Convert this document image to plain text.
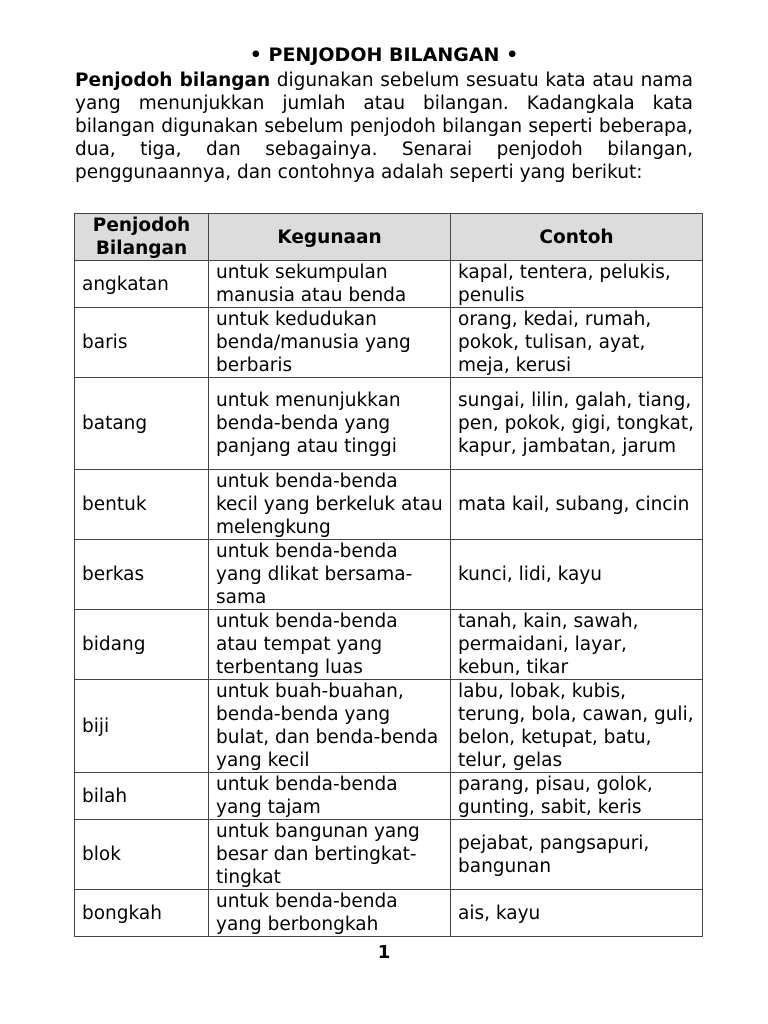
• PENJODOH BILANGAN •

Penjodoh bilangan digunakan sebelum sesuatu kata atau nama yang menunjukkan jumlah atau bilangan. Kadangkala kata bilangan digunakan sebelum penjodoh bilangan seperti beberapa, dua, tiga, dan sebagainya. Senarai penjodoh bilangan, penggunaannya, dan contohnya adalah seperti yang berikut:

Penjodoh Bilangan	Kegunaan	Contoh
angkatan	untuk sekumpulan manusia atau benda	kapal, tentera, pelukis, penulis
baris	untuk kedudukan benda/manusia yang berbaris	orang, kedai, rumah, pokok, tulisan, ayat, meja, kerusi
batang	untuk menunjukkan benda-benda yang panjang atau tinggi	sungai, lilin, galah, tiang, pen, pokok, gigi, tongkat, kapur, jambatan, jarum
bentuk	untuk benda-benda kecil yang berkeluk atau melengkung	mata kail, subang, cincin
berkas	untuk benda-benda yang dlikat bersama-sama	kunci, lidi, kayu
bidang	untuk benda-benda atau tempat yang terbentang luas	tanah, kain, sawah, permaidani, layar, kebun, tikar
biji	untuk buah-buahan, benda-benda yang bulat, dan benda-benda yang kecil	labu, lobak, kubis, terung, bola, cawan, guli, belon, ketupat, batu, telur, gelas
bilah	untuk benda-benda yang tajam	parang, pisau, golok, gunting, sabit, keris
blok	untuk bangunan yang besar dan bertingkat-tingkat	pejabat, pangsapuri, bangunan
bongkah	untuk benda-benda yang berbongkah	ais, kayu
1
